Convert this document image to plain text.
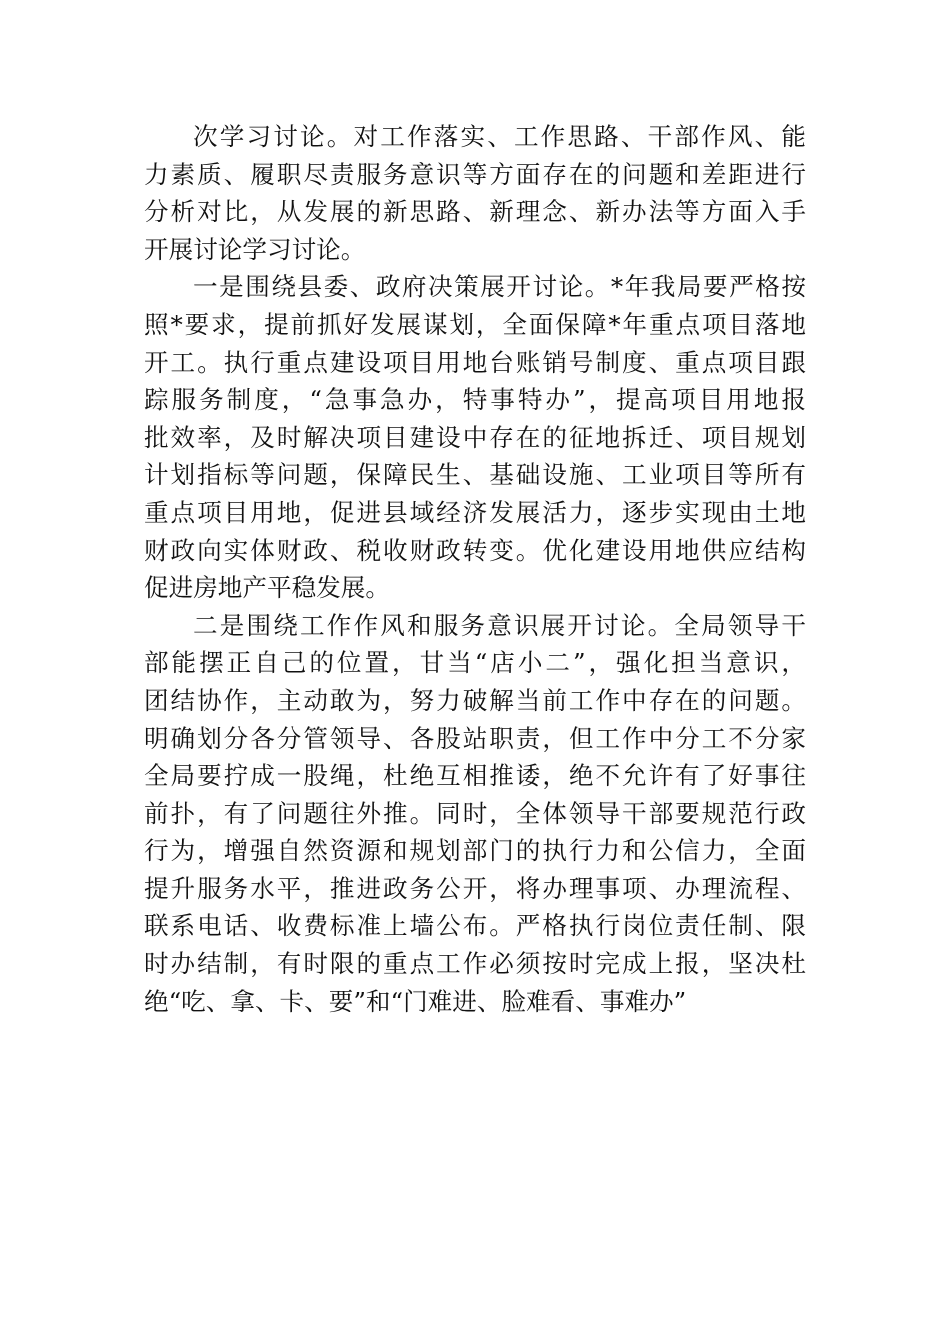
次学习讨论。对工作落实、工作思路、干部作风、能
力素质、履职尽责服务意识等方面存在的问题和差距进行
分析对比，从发展的新思路、新理念、新办法等方面入手
开展讨论学习讨论。
一是围绕县委、政府决策展开讨论。*年我局要严格按
照*要求，提前抓好发展谋划，全面保障*年重点项目落地
开工。执行重点建设项目用地台账销号制度、重点项目跟
踪服务制度，“急事急办，特事特办”，提高项目用地报
批效率，及时解决项目建设中存在的征地拆迁、项目规划
计划指标等问题，保障民生、基础设施、工业项目等所有
重点项目用地，促进县域经济发展活力，逐步实现由土地
财政向实体财政、税收财政转变。优化建设用地供应结构
促进房地产平稳发展。
二是围绕工作作风和服务意识展开讨论。全局领导干
部能摆正自己的位置，甘当“店小二”，强化担当意识，
团结协作，主动敢为，努力破解当前工作中存在的问题。
明确划分各分管领导、各股站职责，但工作中分工不分家
全局要拧成一股绳，杜绝互相推诿，绝不允许有了好事往
前扑，有了问题往外推。同时，全体领导干部要规范行政
行为，增强自然资源和规划部门的执行力和公信力，全面
提升服务水平，推进政务公开，将办理事项、办理流程、
联系电话、收费标准上墙公布。严格执行岗位责任制、限
时办结制，有时限的重点工作必须按时完成上报，坚决杜
绝“吃、拿、卡、要”和“门难进、脸难看、事难办”
